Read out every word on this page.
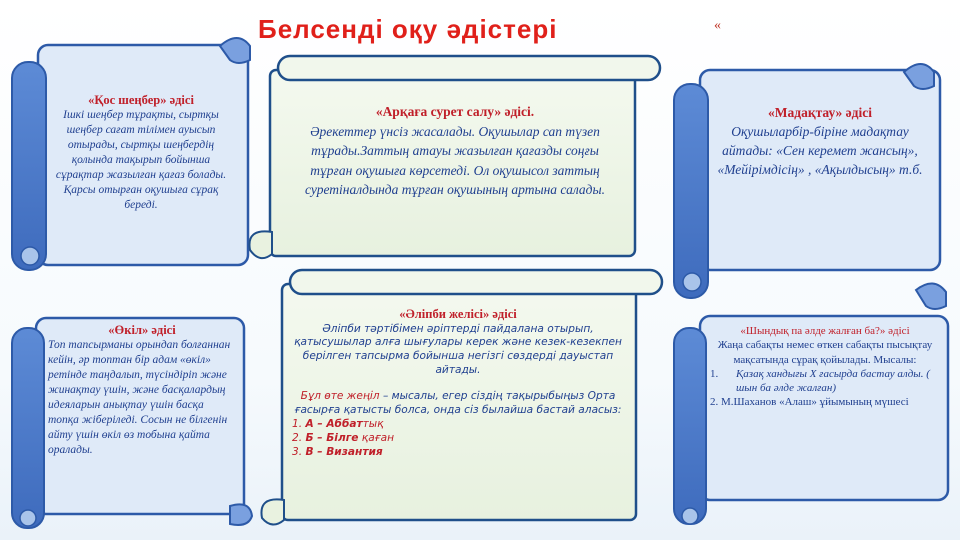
Белсенді оқу әдістері	«

«Қос шеңбер» әдісі

Ішкі шеңбер тұрақты, сыртқы шеңбер сағат тілімен ауысып отырады, сыртқы шеңбердің қолында тақырып бойынша сұрақтар жазылған қағаз болады. Қарсы отырған оқушыға сұрақ береді.

«Арқаға сурет салу» әдісі.

Әрекеттер үнсіз жасалады. Оқушылар сап түзеп тұрады.Заттың атауы жазылған қағазды соңғы тұрған оқушыға көрсетеді. Ол оқушысол заттың суретіналдында тұрған оқушының артына салады.

«Мадақтау» әдісі

Оқушыларбір-біріне мадақтау айтады: «Сен керемет жансың», «Мейірімдісің» , «Ақылдысың» т.б.

«Өкіл» әдісі

Топ тапсырманы орындап болғаннан кейін, әр топтан бір адам «өкіл» ретінде таңдалып, түсіндіріп және жинақтау үшін, және басқалардың идеяларын анықтау үшін басқа топқа жіберіледі. Сосын не білгенін айту үшін өкіл өз тобына қайта оралады.

«Әліпби желісі» әдісі

Әліпби тәртібімен әріптерді пайдалана отырып, қатысушылар алға шығулары керек және кезек-кезекпен берілген тапсырма бойынша негізгі сөздерді дауыстап айтады.

Бұл өте жеңіл – мысалы, егер сіздің тақырыбыңыз Орта ғасырға қатысты болса, онда сіз былайша бастай аласыз:

1. А – Аббаттық

2. Б – Білге қаған

3. В – Византия

«Шындық па әлде жалған ба?» әдісі

Жаңа сабақты немес өткен сабақты пысықтау мақсатында сұрақ қойылады. Мысалы:

1.	Қазақ хандығы Х ғасырда бастау алды. ( шын ба әлде жалған)

2. М.Шаханов «Алаш» ұйымының мүшесі
